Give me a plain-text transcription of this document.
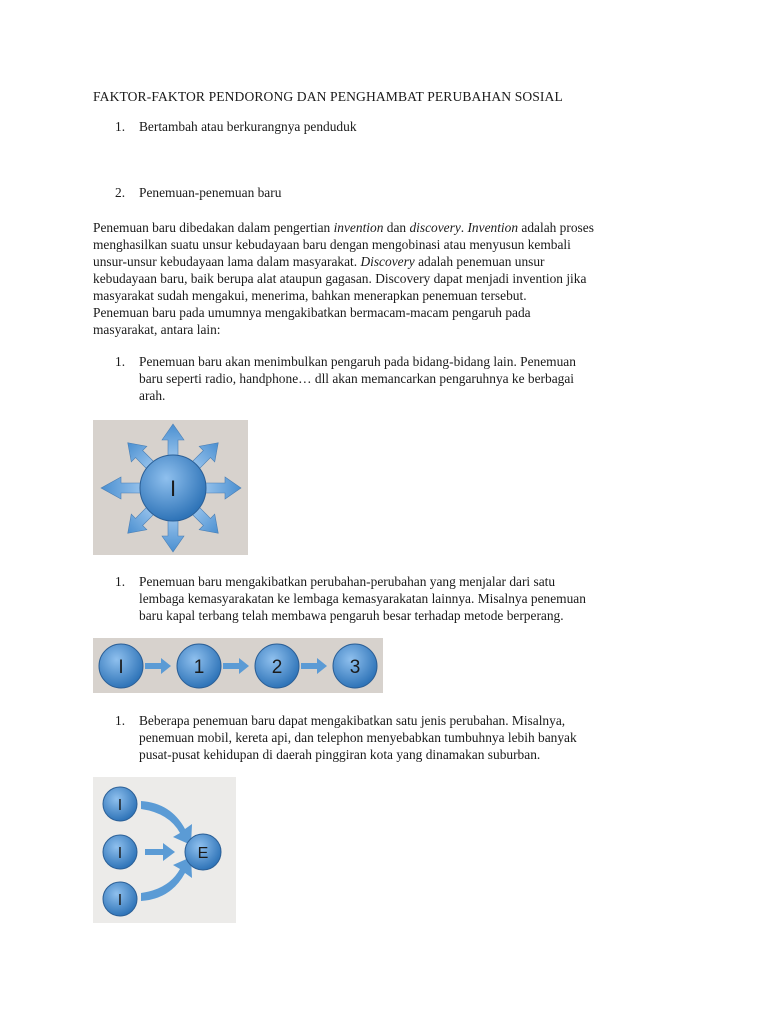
FAKTOR-FAKTOR PENDORONG DAN PENGHAMBAT PERUBAHAN SOSIAL
1. Bertambah atau berkurangnya penduduk
2. Penemuan-penemuan baru
Penemuan baru dibedakan dalam pengertian invention dan discovery. Invention adalah proses
menghasilkan suatu unsur kebudayaan baru dengan mengobinasi atau menyusun kembali
unsur-unsur kebudayaan lama dalam masyarakat. Discovery adalah penemuan unsur
kebudayaan baru, baik berupa alat ataupun gagasan. Discovery dapat menjadi invention jika
masyarakat sudah mengakui, menerima, bahkan menerapkan penemuan tersebut.
Penemuan baru pada umumnya mengakibatkan bermacam-macam pengaruh pada
masyarakat, antara lain:
1. Penemuan baru akan menimbulkan pengaruh pada bidang-bidang lain. Penemuan
baru seperti radio, handphone… dll akan memancarkan pengaruhnya ke berbagai
arah.
I
1. Penemuan baru mengakibatkan perubahan-perubahan yang menjalar dari satu
lembaga kemasyarakatan ke lembaga kemasyarakatan lainnya. Misalnya penemuan
baru kapal terbang telah membawa pengaruh besar terhadap metode berperang.
I	1	2	3
1. Beberapa penemuan baru dapat mengakibatkan satu jenis perubahan. Misalnya,
penemuan mobil, kereta api, dan telephon menyebabkan tumbuhnya lebih banyak
pusat-pusat kehidupan di daerah pinggiran kota yang dinamakan suburban.
I
I
I
E
